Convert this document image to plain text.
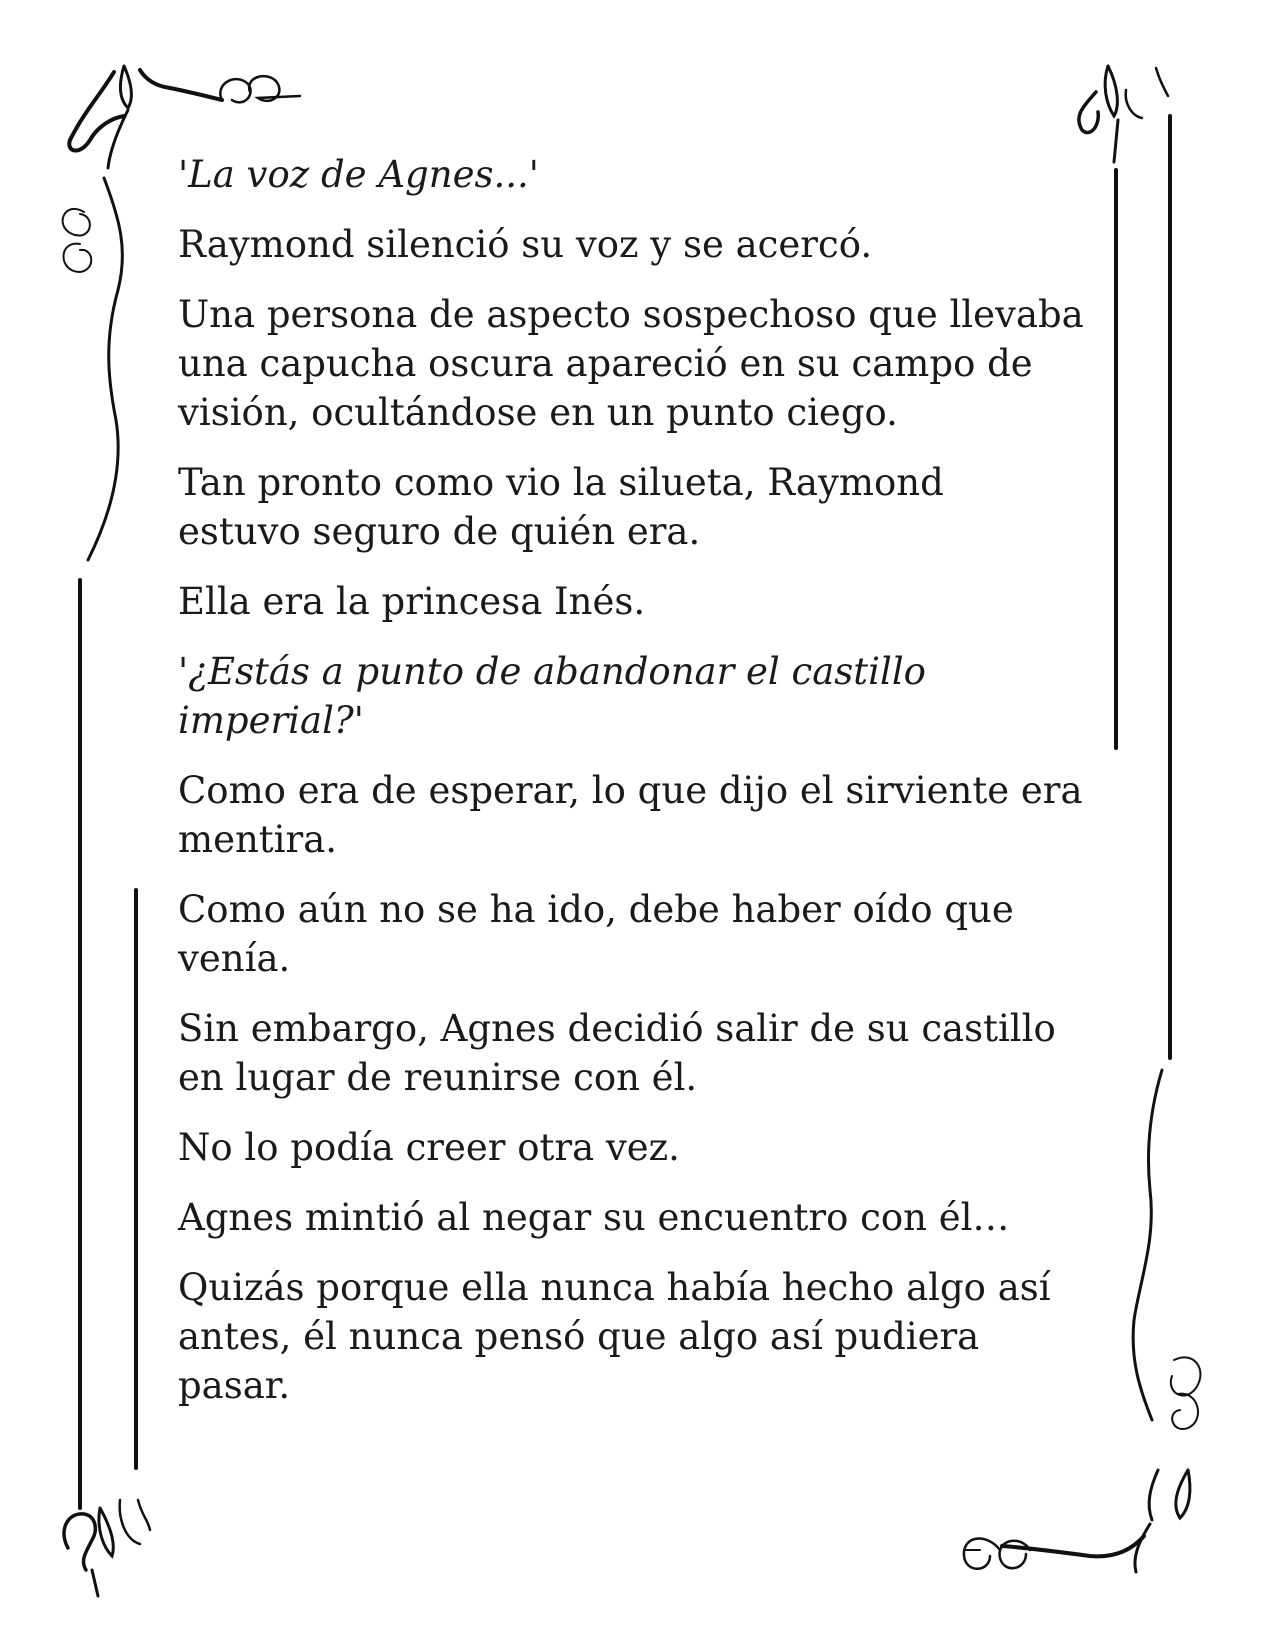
'La voz de Agnes...'

Raymond silenció su voz y se acercó.

Una persona de aspecto sospechoso que llevaba
una capucha oscura apareció en su campo de
visión, ocultándose en un punto ciego.

Tan pronto como vio la silueta, Raymond
estuvo seguro de quién era.

Ella era la princesa Inés.

'¿Estás a punto de abandonar el castillo
imperial?'

Como era de esperar, lo que dijo el sirviente era
mentira.

Como aún no se ha ido, debe haber oído que
venía.

Sin embargo, Agnes decidió salir de su castillo
en lugar de reunirse con él.

No lo podía creer otra vez.

Agnes mintió al negar su encuentro con él…

Quizás porque ella nunca había hecho algo así
antes, él nunca pensó que algo así pudiera
pasar.
